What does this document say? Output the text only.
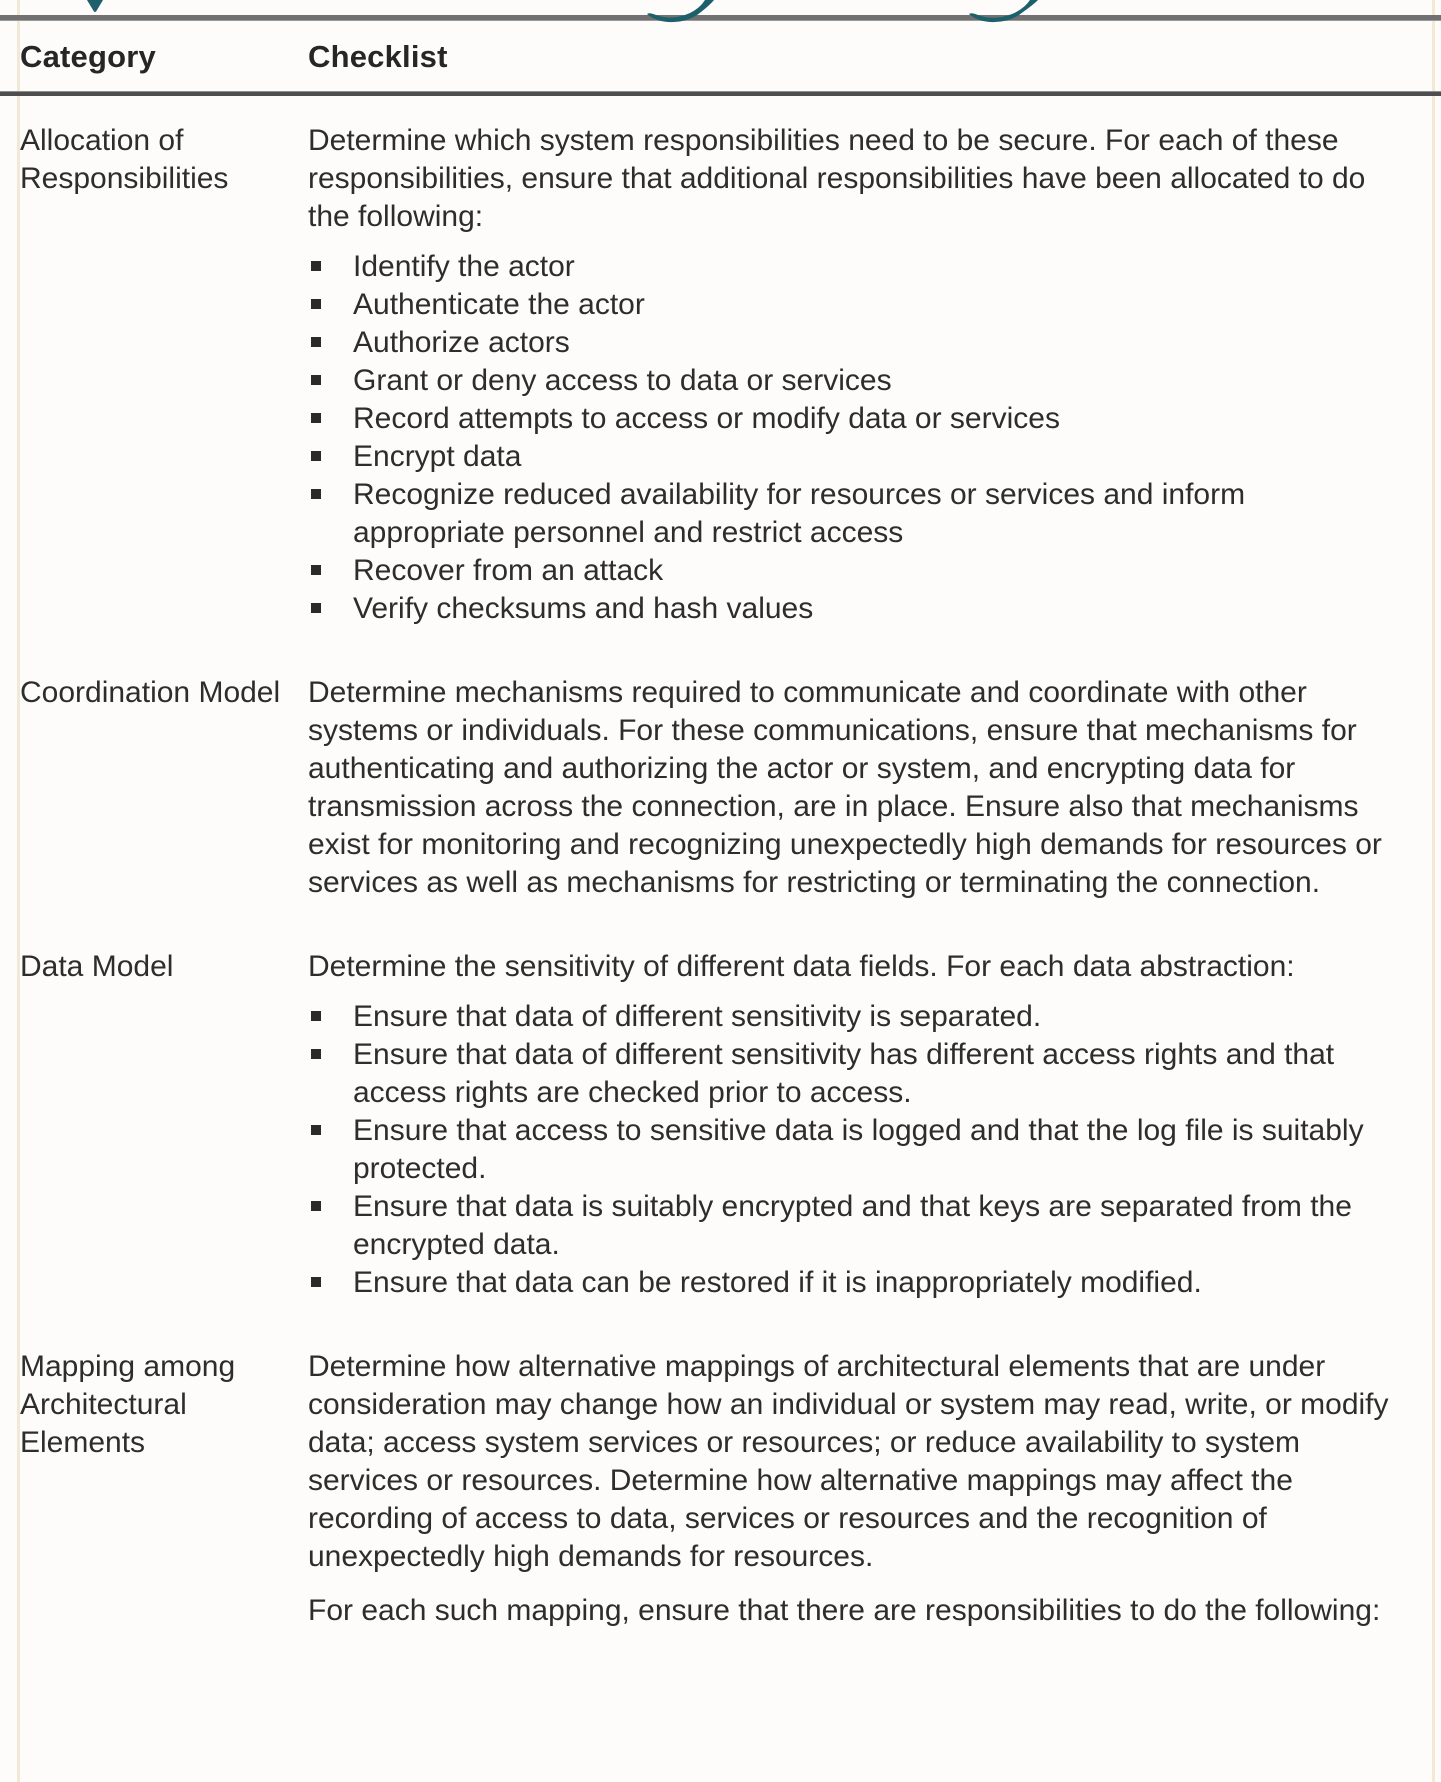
Category	Checklist
Allocation of Responsibilities

Determine which system responsibilities need to be secure. For each of these responsibilities, ensure that additional responsibilities have been allocated to do the following:

Identify the actor
Authenticate the actor
Authorize actors
Grant or deny access to data or services
Record attempts to access or modify data or services
Encrypt data
Recognize reduced availability for resources or services and inform appropriate personnel and restrict access
Recover from an attack
Verify checksums and hash values
Coordination Model Determine mechanisms required to communicate and coordinate with other systems or individuals. For these communications, ensure that mechanisms for authenticating and authorizing the actor or system, and encrypting data for transmission across the connection, are in place. Ensure also that mechanisms exist for monitoring and recognizing unexpectedly high demands for resources or services as well as mechanisms for restricting or terminating the connection.

Data Model	Determine the sensitivity of different data fields. For each data abstraction:

Ensure that data of different sensitivity is separated.
Ensure that data of different sensitivity has different access rights and that access rights are checked prior to access.
Ensure that access to sensitive data is logged and that the log file is suitably protected.
Ensure that data is suitably encrypted and that keys are separated from the encrypted data.
Ensure that data can be restored if it is inappropriately modified.
Mapping among Architectural Elements

Determine how alternative mappings of architectural elements that are under consideration may change how an individual or system may read, write, or modify data; access system services or resources; or reduce availability to system services or resources. Determine how alternative mappings may affect the recording of access to data, services or resources and the recognition of unexpectedly high demands for resources.

For each such mapping, ensure that there are responsibilities to do the following:
